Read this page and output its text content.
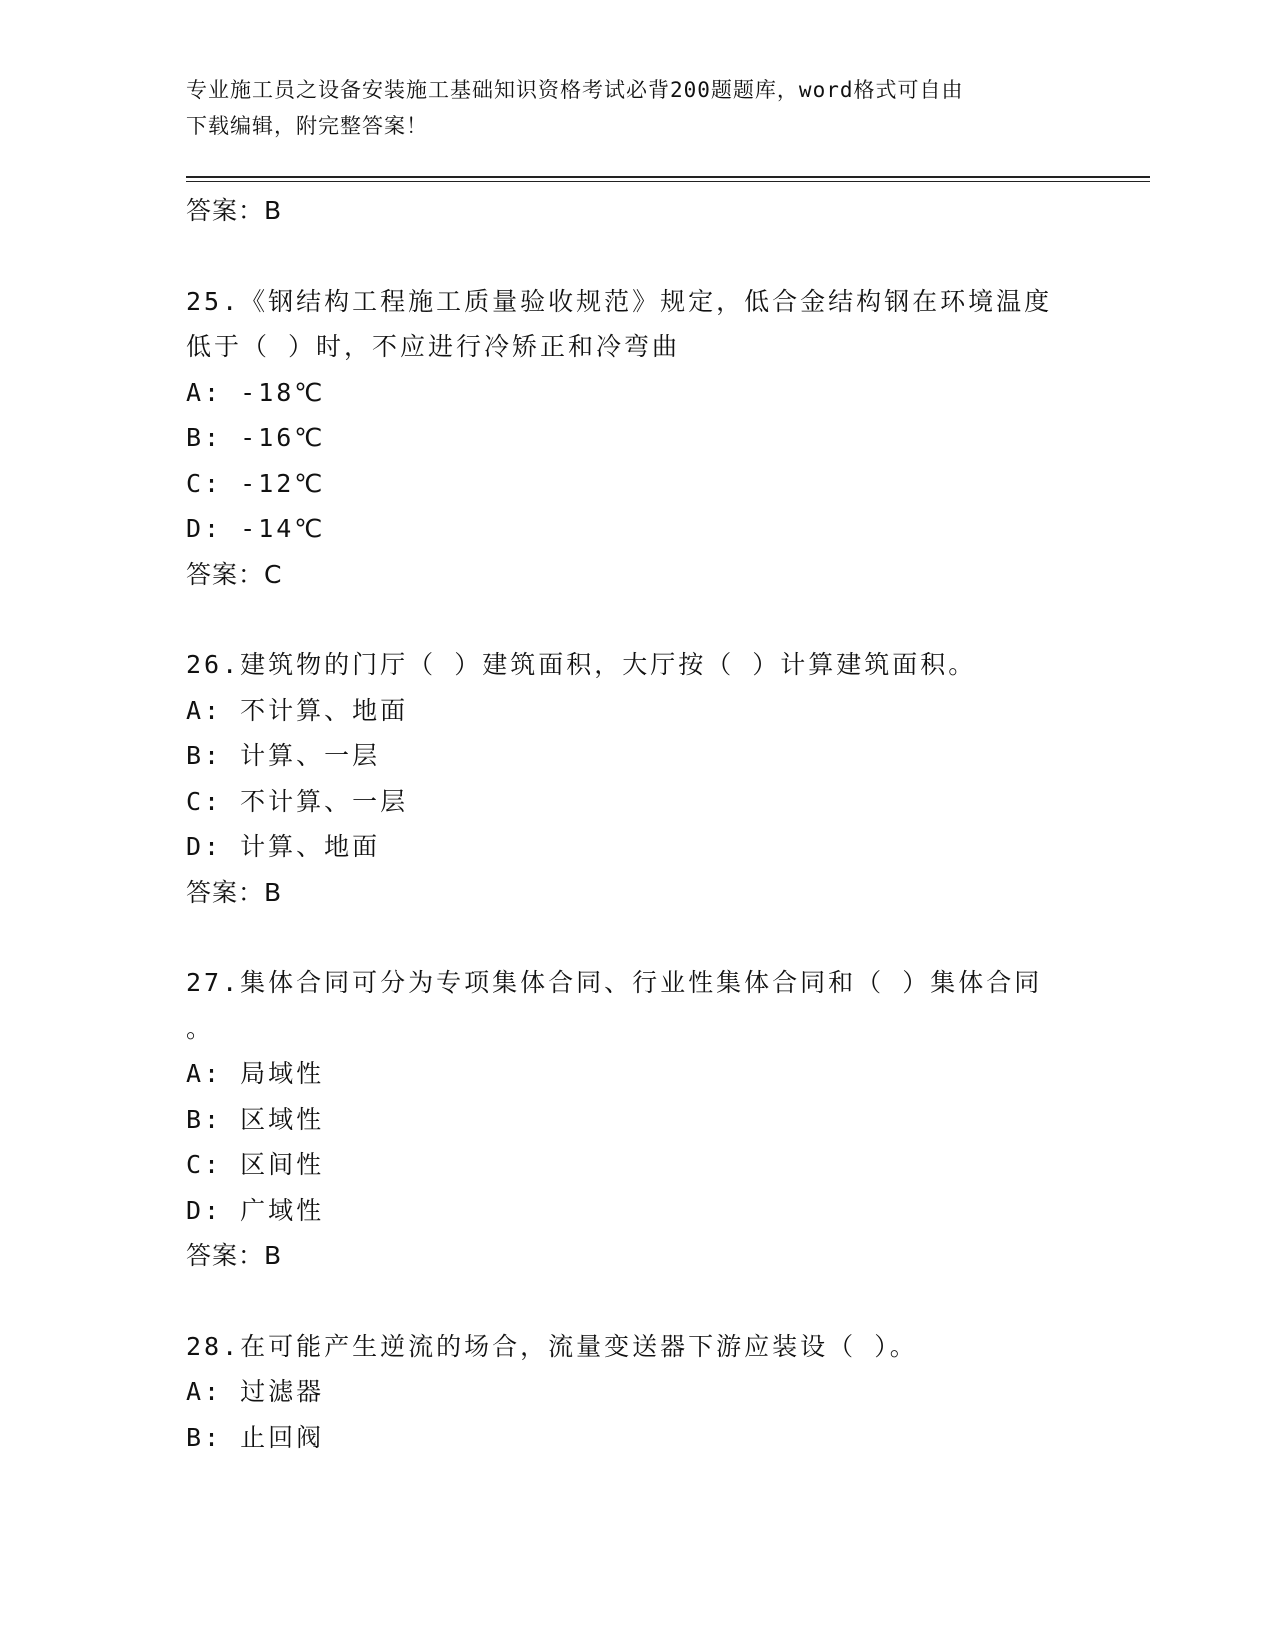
专业施工员之设备安装施工基础知识资格考试必背200题题库，word格式可自由
下载编辑，附完整答案！
答案：B
25.《钢结构工程施工质量验收规范》规定，低合金结构钢在环境温度
低于（ ）时，不应进行冷矫正和冷弯曲
A: -18℃
B: -16℃
C: -12℃
D: -14℃
答案：C
26.建筑物的门厅（ ）建筑面积，大厅按（ ）计算建筑面积。
A: 不计算、地面
B: 计算、一层
C: 不计算、一层
D: 计算、地面
答案：B
27.集体合同可分为专项集体合同、行业性集体合同和（ ）集体合同
。
A: 局域性
B: 区域性
C: 区间性
D: 广域性
答案：B
28.在可能产生逆流的场合，流量变送器下游应装设（ ）。
A: 过滤器
B: 止回阀
